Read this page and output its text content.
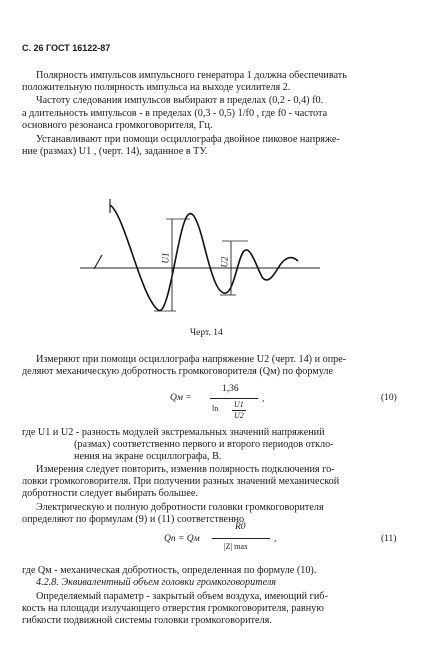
С. 26 ГОСТ 16122-87
Полярность импульсов импульсного генератора 1 должна обеспечивать
положительную полярность импульса на выходе усилителя 2.
Частоту следования импульсов выбирают в пределах (0,2 - 0,4) f0.
а длительность импульсов - в пределах (0,3 - 0,5) 1/f0 , где f0 - частота
основного резонанса громкоговорителя, Гц.
Устанавливают при помощи осциллографа двойное пиковое напряже-
ние (размах) U1 , (черт. 14), заданное в ТУ.
U1	U2
Черт. 14
Измеряют при помощи осциллографа напряжение U2 (черт. 14) и опре-
деляют механическую добротность громкоговорителя (Qм) по формуле
Qм =
1,36
ln U1
U2
,	(10)
где U1 и U2 - разность модулей экстремальных значений напряжений
(размах) соответственно первого и второго периодов откло-
нения на экране осциллографа, В.
Измерения следует повторить, изменив полярность подключения го-
ловки громкоговорителя. При получении разных значений механической
добротности следует выбирать большее.
Электрическую и полную добротности головки громкоговорителя
определяют по формулам (9) и (11) соответственно
Qп = Qм
R0
|Z| max
,	(11)
где Qм - механическая добротность, определенная по формуле (10).
4.2.8. Эквивалентный объем головки громкоговорителя
Определяемый параметр - закрытый объем воздуха, имеющий гиб-
кость на площади излучающего отверстия громкоговорителя, равную
гибкости подвижной системы головки громкоговорителя.
